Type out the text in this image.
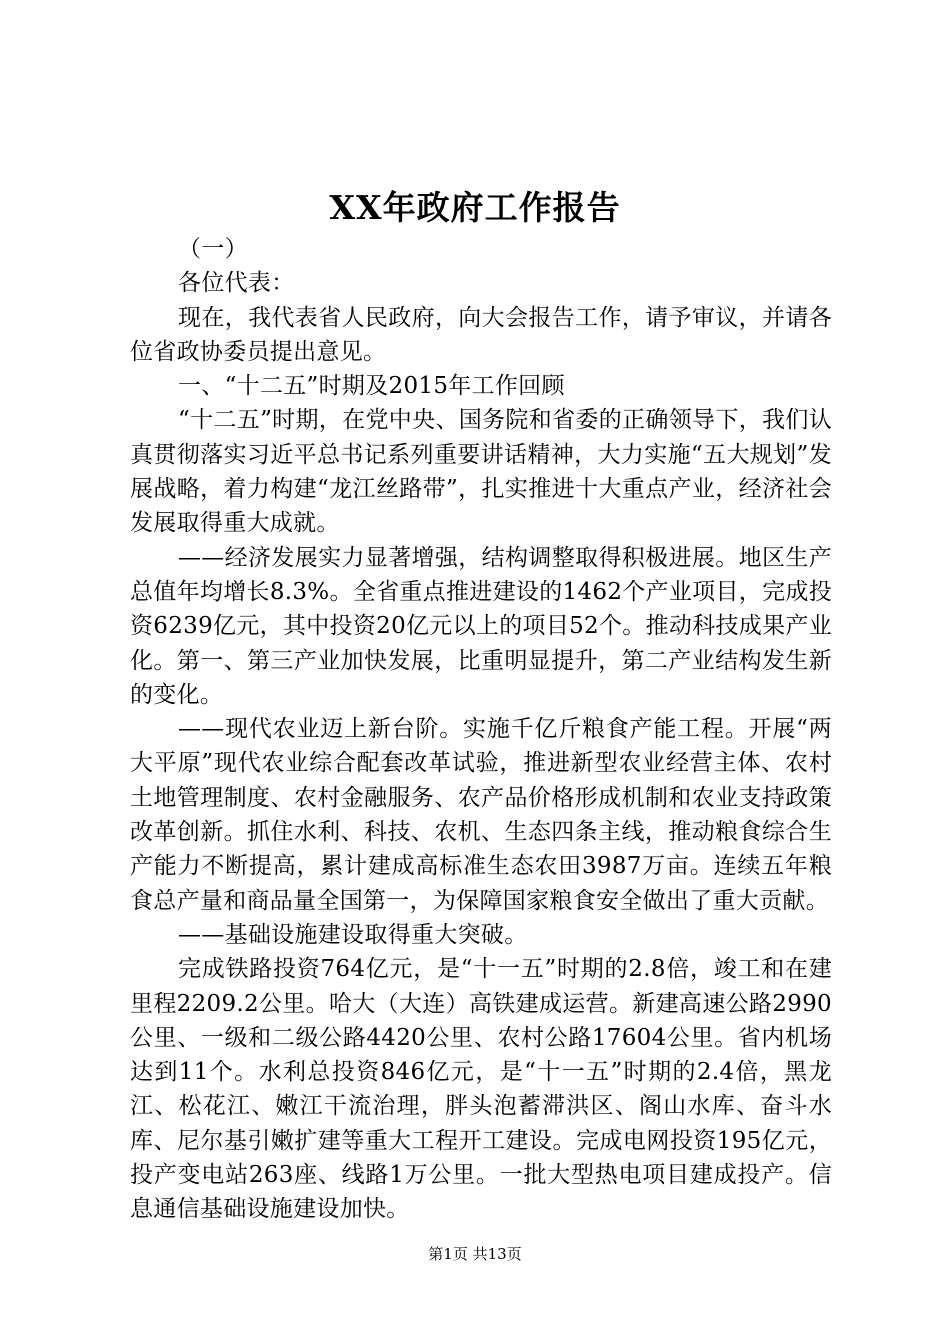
XX年政府工作报告

（一）

各位代表：

现在，我代表省人民政府，向大会报告工作，请予审议，并请各位省政协委员提出意见。

一、“十二五”时期及2015年工作回顾

“十二五”时期，在党中央、国务院和省委的正确领导下，我们认真贯彻落实习近平总书记系列重要讲话精神，大力实施“五大规划”发展战略，着力构建“龙江丝路带”，扎实推进十大重点产业，经济社会发展取得重大成就。

——经济发展实力显著增强，结构调整取得积极进展。地区生产总值年均增长8.3%。全省重点推进建设的1462个产业项目，完成投资6239亿元，其中投资20亿元以上的项目52个。推动科技成果产业化。第一、第三产业加快发展，比重明显提升，第二产业结构发生新的变化。

——现代农业迈上新台阶。实施千亿斤粮食产能工程。开展“两大平原”现代农业综合配套改革试验，推进新型农业经营主体、农村土地管理制度、农村金融服务、农产品价格形成机制和农业支持政策改革创新。抓住水利、科技、农机、生态四条主线，推动粮食综合生产能力不断提高，累计建成高标准生态农田3987万亩。连续五年粮食总产量和商品量全国第一，为保障国家粮食安全做出了重大贡献。

——基础设施建设取得重大突破。

完成铁路投资764亿元，是“十一五”时期的2.8倍，竣工和在建里程2209.2公里。哈大（大连）高铁建成运营。新建高速公路2990公里、一级和二级公路4420公里、农村公路17604公里。省内机场达到11个。水利总投资846亿元，是“十一五”时期的2.4倍，黑龙江、松花江、嫩江干流治理，胖头泡蓄滞洪区、阁山水库、奋斗水库、尼尔基引嫩扩建等重大工程开工建设。完成电网投资195亿元，投产变电站263座、线路1万公里。一批大型热电项目建成投产。信息通信基础设施建设加快。

第1页 共13页
